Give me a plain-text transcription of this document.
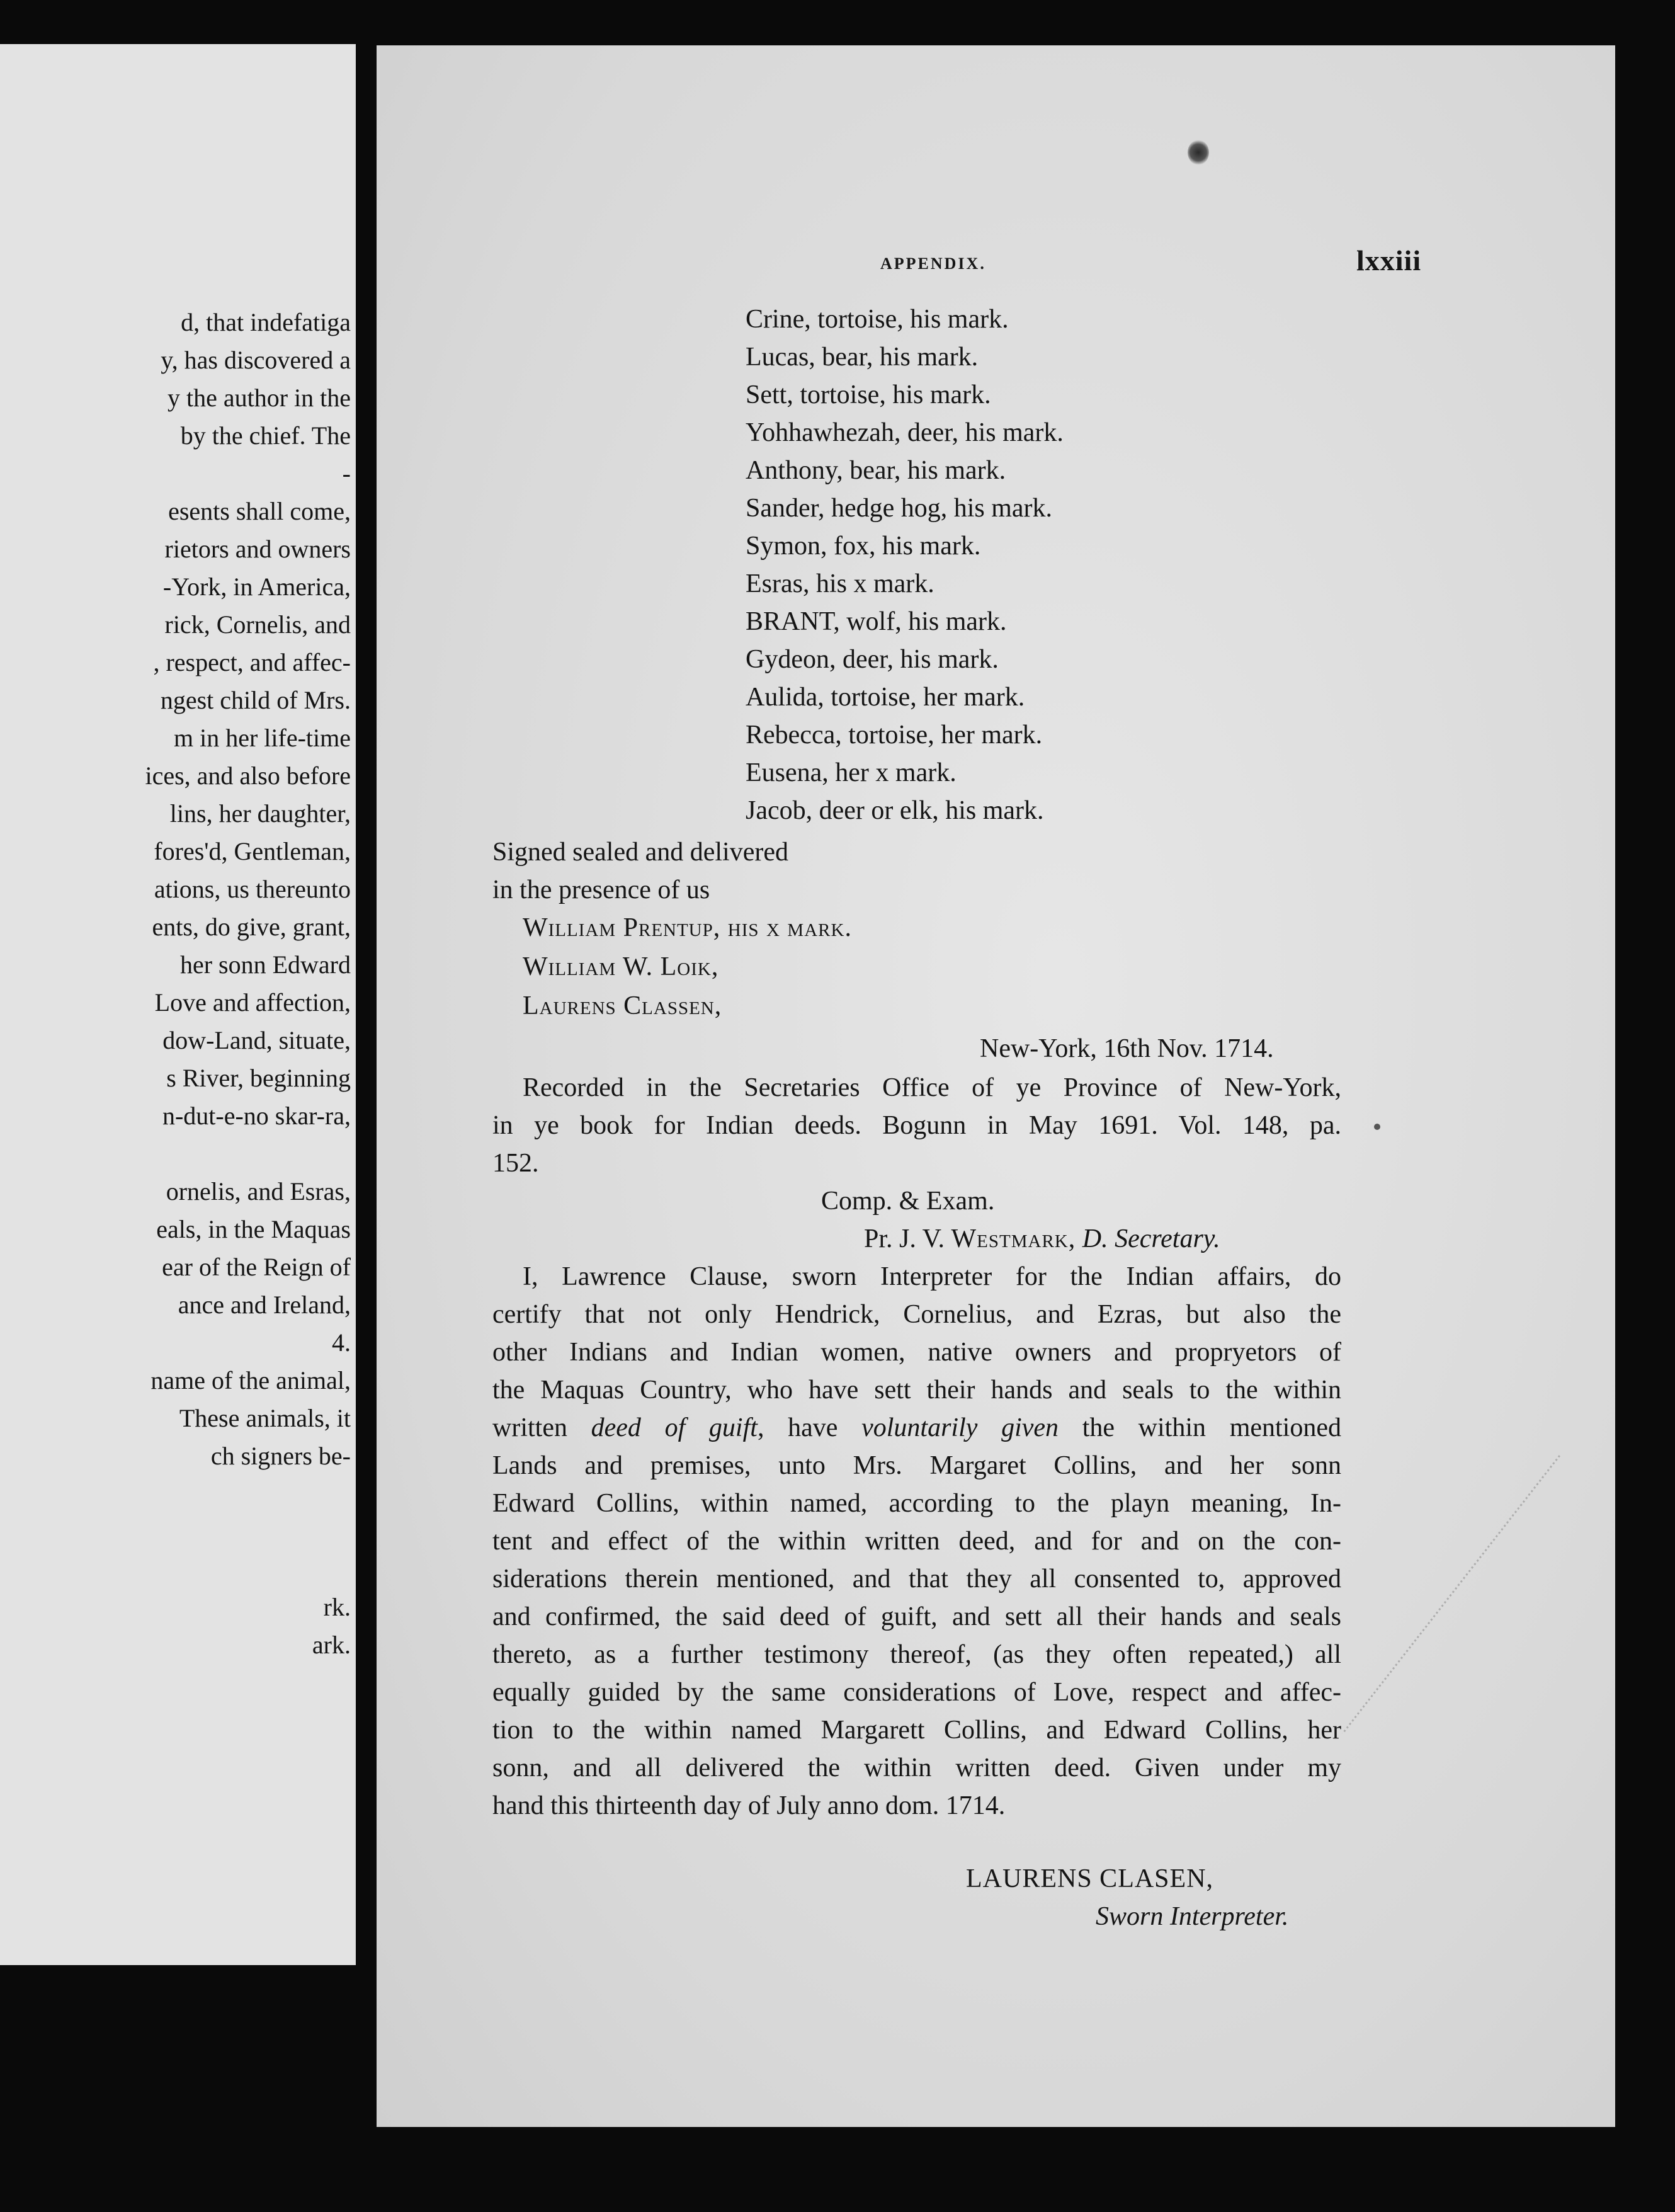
d, that indefatiga
y, has discovered a
y the author in the
by the chief. The
-
esents shall come,
rietors and owners
-York, in America,
rick, Cornelis, and
, respect, and affec-
ngest child of Mrs.
m in her life-time
ices, and also before
lins, her daughter,
fores'd, Gentleman,
ations, us thereunto
ents, do give, grant,
her sonn Edward
Love and affection,
dow-Land, situate,
s River, beginning
n-dut-e-no skar-ra,
ornelis, and Esras,
eals, in the Maquas
ear of the Reign of
ance and Ireland,
4.
name of the animal,
These animals, it
ch signers be-
rk.
ark.
APPENDIX.	lxxiii
Crine, tortoise, his mark.
Lucas, bear, his mark.
Sett, tortoise, his mark.
Yohhawhezah, deer, his mark.
Anthony, bear, his mark.
Sander, hedge hog, his mark.
Symon, fox, his mark.
Esras, his x mark.
BRANT, wolf, his mark.
Gydeon, deer, his mark.
Aulida, tortoise, her mark.
Rebecca, tortoise, her mark.
Eusena, her x mark.
Jacob, deer or elk, his mark.
Signed sealed and delivered
in the presence of us
William Prentup, his x mark.
William W. Loik,
Laurens Classen,
New-York, 16th Nov. 1714.
Recorded in the Secretaries Office of ye Province of New-York,
in ye book for Indian deeds. Bogunn in May 1691. Vol. 148, pa.
152.
Comp. & Exam.
Pr. J. V. Westmark, D. Secretary.
I, Lawrence Clause, sworn Interpreter for the Indian affairs, do
certify that not only Hendrick, Cornelius, and Ezras, but also the
other Indians and Indian women, native owners and propryetors of
the Maquas Country, who have sett their hands and seals to the within
written deed of guift, have voluntarily given the within mentioned
Lands and premises, unto Mrs. Margaret Collins, and her sonn
Edward Collins, within named, according to the playn meaning, In-
tent and effect of the within written deed, and for and on the con-
siderations therein mentioned, and that they all consented to, approved
and confirmed, the said deed of guift, and sett all their hands and seals
thereto, as a further testimony thereof, (as they often repeated,) all
equally guided by the same considerations of Love, respect and affec-
tion to the within named Margarett Collins, and Edward Collins, her
sonn, and all delivered the within written deed. Given under my
hand this thirteenth day of July anno dom. 1714.
LAURENS CLASEN,
Sworn Interpreter.
